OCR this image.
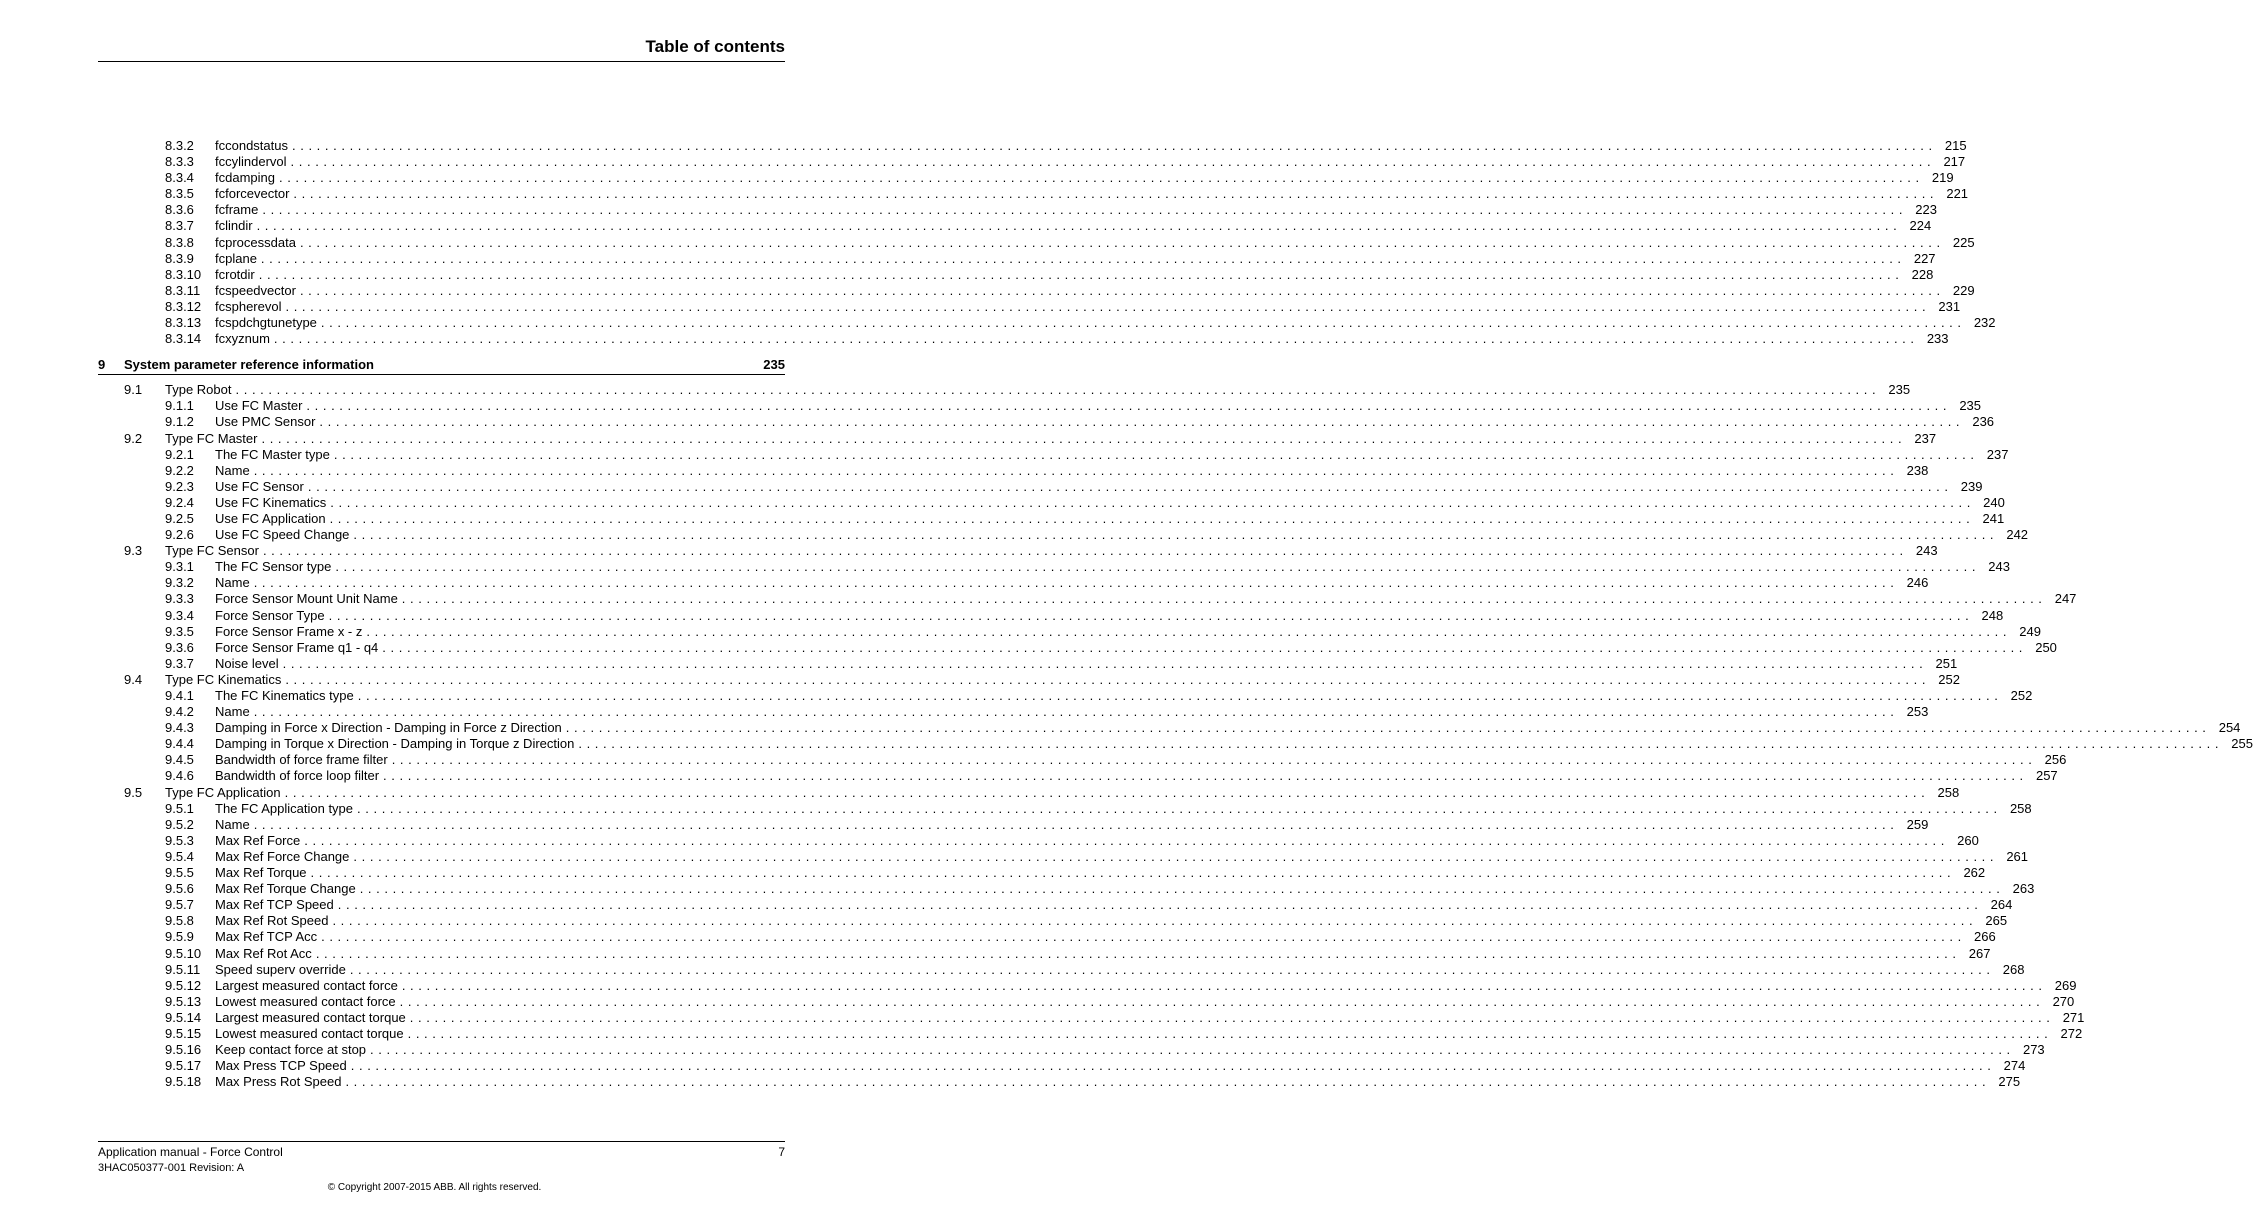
Table of contents
8.3.2 fccondstatus . . . . . . . . . . . . . . . . . . . . . . . . . . . . . . . . . . . . . . . . . . . . . . . . . . . . . . . . . . . . . . . . . . . . . . . . . . . . . . . . . . . . . . . . . . . . . . . . . . . . . . . . . . . . . . . . . . . . . . . . . . . . . . . . . . . . . . . . . . . . . . . . . . . . . . . . . . . . . . . . . . . . . . . . . . . . . . . . . . . . . . . . . . . . . . . . . . . . . . . . 215
8.3.3 fccylindervol . . . . . . . . . . . . . . . . . . . . . . . . . . . . . . . . . . . . . . . . . . . . . . . . . . . . . . . . . . . . . . . . . . . . . . . . . . . . . . . . . . . . . . . . . . . . . . . . . . . . . . . . . . . . . . . . . . . . . . . . . . . . . . . . . . . . . . . . . . . . . . . . . . . . . . . . . . . . . . . . . . . . . . . . . . . . . . . . . . . . . . . . . . . . . . . . . . . . . . . . 217
8.3.4 fcdamping . . . . . . . . . . . . . . . . . . . . . . . . . . . . . . . . . . . . . . . . . . . . . . . . . . . . . . . . . . . . . . . . . . . . . . . . . . . . . . . . . . . . . . . . . . . . . . . . . . . . . . . . . . . . . . . . . . . . . . . . . . . . . . . . . . . . . . . . . . . . . . . . . . . . . . . . . . . . . . . . . . . . . . . . . . . . . . . . . . . . . . . . . . . . . . . . . . . . . . . . 219
8.3.5 fcforcevector . . . . . . . . . . . . . . . . . . . . . . . . . . . . . . . . . . . . . . . . . . . . . . . . . . . . . . . . . . . . . . . . . . . . . . . . . . . . . . . . . . . . . . . . . . . . . . . . . . . . . . . . . . . . . . . . . . . . . . . . . . . . . . . . . . . . . . . . . . . . . . . . . . . . . . . . . . . . . . . . . . . . . . . . . . . . . . . . . . . . . . . . . . . . . . . . . . . . . . . . 221
8.3.6 fcframe . . . . . . . . . . . . . . . . . . . . . . . . . . . . . . . . . . . . . . . . . . . . . . . . . . . . . . . . . . . . . . . . . . . . . . . . . . . . . . . . . . . . . . . . . . . . . . . . . . . . . . . . . . . . . . . . . . . . . . . . . . . . . . . . . . . . . . . . . . . . . . . . . . . . . . . . . . . . . . . . . . . . . . . . . . . . . . . . . . . . . . . . . . . . . . . . . . . . . . . . 223
8.3.7 fclindir . . . . . . . . . . . . . . . . . . . . . . . . . . . . . . . . . . . . . . . . . . . . . . . . . . . . . . . . . . . . . . . . . . . . . . . . . . . . . . . . . . . . . . . . . . . . . . . . . . . . . . . . . . . . . . . . . . . . . . . . . . . . . . . . . . . . . . . . . . . . . . . . . . . . . . . . . . . . . . . . . . . . . . . . . . . . . . . . . . . . . . . . . . . . . . . . . . . . . . . . 224
8.3.8 fcprocessdata . . . . . . . . . . . . . . . . . . . . . . . . . . . . . . . . . . . . . . . . . . . . . . . . . . . . . . . . . . . . . . . . . . . . . . . . . . . . . . . . . . . . . . . . . . . . . . . . . . . . . . . . . . . . . . . . . . . . . . . . . . . . . . . . . . . . . . . . . . . . . . . . . . . . . . . . . . . . . . . . . . . . . . . . . . . . . . . . . . . . . . . . . . . . . . . . . . . . . . . . 225
8.3.9 fcplane . . . . . . . . . . . . . . . . . . . . . . . . . . . . . . . . . . . . . . . . . . . . . . . . . . . . . . . . . . . . . . . . . . . . . . . . . . . . . . . . . . . . . . . . . . . . . . . . . . . . . . . . . . . . . . . . . . . . . . . . . . . . . . . . . . . . . . . . . . . . . . . . . . . . . . . . . . . . . . . . . . . . . . . . . . . . . . . . . . . . . . . . . . . . . . . . . . . . . . . . 227
8.3.10 fcrotdir . . . . . . . . . . . . . . . . . . . . . . . . . . . . . . . . . . . . . . . . . . . . . . . . . . . . . . . . . . . . . . . . . . . . . . . . . . . . . . . . . . . . . . . . . . . . . . . . . . . . . . . . . . . . . . . . . . . . . . . . . . . . . . . . . . . . . . . . . . . . . . . . . . . . . . . . . . . . . . . . . . . . . . . . . . . . . . . . . . . . . . . . . . . . . . . . . . . . . . . . 228
8.3.11 fcspeedvector . . . . . . . . . . . . . . . . . . . . . . . . . . . . . . . . . . . . . . . . . . . . . . . . . . . . . . . . . . . . . . . . . . . . . . . . . . . . . . . . . . . . . . . . . . . . . . . . . . . . . . . . . . . . . . . . . . . . . . . . . . . . . . . . . . . . . . . . . . . . . . . . . . . . . . . . . . . . . . . . . . . . . . . . . . . . . . . . . . . . . . . . . . . . . . . . . . . . . . . . 229
8.3.12 fcspherevol . . . . . . . . . . . . . . . . . . . . . . . . . . . . . . . . . . . . . . . . . . . . . . . . . . . . . . . . . . . . . . . . . . . . . . . . . . . . . . . . . . . . . . . . . . . . . . . . . . . . . . . . . . . . . . . . . . . . . . . . . . . . . . . . . . . . . . . . . . . . . . . . . . . . . . . . . . . . . . . . . . . . . . . . . . . . . . . . . . . . . . . . . . . . . . . . . . . . . . . . 231
8.3.13 fcspdchgtunetype . . . . . . . . . . . . . . . . . . . . . . . . . . . . . . . . . . . . . . . . . . . . . . . . . . . . . . . . . . . . . . . . . . . . . . . . . . . . . . . . . . . . . . . . . . . . . . . . . . . . . . . . . . . . . . . . . . . . . . . . . . . . . . . . . . . . . . . . . . . . . . . . . . . . . . . . . . . . . . . . . . . . . . . . . . . . . . . . . . . . . . . . . . . . . . . . . . . . . . . . 232
8.3.14 fcxyznum . . . . . . . . . . . . . . . . . . . . . . . . . . . . . . . . . . . . . . . . . . . . . . . . . . . . . . . . . . . . . . . . . . . . . . . . . . . . . . . . . . . . . . . . . . . . . . . . . . . . . . . . . . . . . . . . . . . . . . . . . . . . . . . . . . . . . . . . . . . . . . . . . . . . . . . . . . . . . . . . . . . . . . . . . . . . . . . . . . . . . . . . . . . . . . . . . . . . . . . . 233
9 System parameter reference information	235
9.1 Type Robot . . . . . . . . . . . . . . . . . . . . . . . . . . . . . . . . . . . . . . . . . . . . . . . . . . . . . . . . . . . . . . . . . . . . . . . . . . . . . . . . . . . . . . . . . . . . . . . . . . . . . . . . . . . . . . . . . . . . . . . . . . . . . . . . . . . . . . . . . . . . . . . . . . . . . . . . . . . . . . . . . . . . . . . . . . . . . . . . . . . . . . . . . . . . . . . . . . . . . . . . 235
9.1.1 Use FC Master . . . . . . . . . . . . . . . . . . . . . . . . . . . . . . . . . . . . . . . . . . . . . . . . . . . . . . . . . . . . . . . . . . . . . . . . . . . . . . . . . . . . . . . . . . . . . . . . . . . . . . . . . . . . . . . . . . . . . . . . . . . . . . . . . . . . . . . . . . . . . . . . . . . . . . . . . . . . . . . . . . . . . . . . . . . . . . . . . . . . . . . . . . . . . . . . . . . . . . . . 235
9.1.2 Use PMC Sensor . . . . . . . . . . . . . . . . . . . . . . . . . . . . . . . . . . . . . . . . . . . . . . . . . . . . . . . . . . . . . . . . . . . . . . . . . . . . . . . . . . . . . . . . . . . . . . . . . . . . . . . . . . . . . . . . . . . . . . . . . . . . . . . . . . . . . . . . . . . . . . . . . . . . . . . . . . . . . . . . . . . . . . . . . . . . . . . . . . . . . . . . . . . . . . . . . . . . . . . . 236
9.2 Type FC Master . . . . . . . . . . . . . . . . . . . . . . . . . . . . . . . . . . . . . . . . . . . . . . . . . . . . . . . . . . . . . . . . . . . . . . . . . . . . . . . . . . . . . . . . . . . . . . . . . . . . . . . . . . . . . . . . . . . . . . . . . . . . . . . . . . . . . . . . . . . . . . . . . . . . . . . . . . . . . . . . . . . . . . . . . . . . . . . . . . . . . . . . . . . . . . . . . . . . . . . . 237
9.2.1 The FC Master type . . . . . . . . . . . . . . . . . . . . . . . . . . . . . . . . . . . . . . . . . . . . . . . . . . . . . . . . . . . . . . . . . . . . . . . . . . . . . . . . . . . . . . . . . . . . . . . . . . . . . . . . . . . . . . . . . . . . . . . . . . . . . . . . . . . . . . . . . . . . . . . . . . . . . . . . . . . . . . . . . . . . . . . . . . . . . . . . . . . . . . . . . . . . . . . . . . . . . . . . 237
9.2.2 Name . . . . . . . . . . . . . . . . . . . . . . . . . . . . . . . . . . . . . . . . . . . . . . . . . . . . . . . . . . . . . . . . . . . . . . . . . . . . . . . . . . . . . . . . . . . . . . . . . . . . . . . . . . . . . . . . . . . . . . . . . . . . . . . . . . . . . . . . . . . . . . . . . . . . . . . . . . . . . . . . . . . . . . . . . . . . . . . . . . . . . . . . . . . . . . . . . . . . . . . . 238
9.2.3 Use FC Sensor . . . . . . . . . . . . . . . . . . . . . . . . . . . . . . . . . . . . . . . . . . . . . . . . . . . . . . . . . . . . . . . . . . . . . . . . . . . . . . . . . . . . . . . . . . . . . . . . . . . . . . . . . . . . . . . . . . . . . . . . . . . . . . . . . . . . . . . . . . . . . . . . . . . . . . . . . . . . . . . . . . . . . . . . . . . . . . . . . . . . . . . . . . . . . . . . . . . . . . . . 239
9.2.4 Use FC Kinematics . . . . . . . . . . . . . . . . . . . . . . . . . . . . . . . . . . . . . . . . . . . . . . . . . . . . . . . . . . . . . . . . . . . . . . . . . . . . . . . . . . . . . . . . . . . . . . . . . . . . . . . . . . . . . . . . . . . . . . . . . . . . . . . . . . . . . . . . . . . . . . . . . . . . . . . . . . . . . . . . . . . . . . . . . . . . . . . . . . . . . . . . . . . . . . . . . . . . . . . . 240
9.2.5 Use FC Application . . . . . . . . . . . . . . . . . . . . . . . . . . . . . . . . . . . . . . . . . . . . . . . . . . . . . . . . . . . . . . . . . . . . . . . . . . . . . . . . . . . . . . . . . . . . . . . . . . . . . . . . . . . . . . . . . . . . . . . . . . . . . . . . . . . . . . . . . . . . . . . . . . . . . . . . . . . . . . . . . . . . . . . . . . . . . . . . . . . . . . . . . . . . . . . . . . . . . . . . 241
9.2.6 Use FC Speed Change . . . . . . . . . . . . . . . . . . . . . . . . . . . . . . . . . . . . . . . . . . . . . . . . . . . . . . . . . . . . . . . . . . . . . . . . . . . . . . . . . . . . . . . . . . . . . . . . . . . . . . . . . . . . . . . . . . . . . . . . . . . . . . . . . . . . . . . . . . . . . . . . . . . . . . . . . . . . . . . . . . . . . . . . . . . . . . . . . . . . . . . . . . . . . . . . . . . . . . . . 242
9.3 Type FC Sensor . . . . . . . . . . . . . . . . . . . . . . . . . . . . . . . . . . . . . . . . . . . . . . . . . . . . . . . . . . . . . . . . . . . . . . . . . . . . . . . . . . . . . . . . . . . . . . . . . . . . . . . . . . . . . . . . . . . . . . . . . . . . . . . . . . . . . . . . . . . . . . . . . . . . . . . . . . . . . . . . . . . . . . . . . . . . . . . . . . . . . . . . . . . . . . . . . . . . . . . . 243
9.3.1 The FC Sensor type . . . . . . . . . . . . . . . . . . . . . . . . . . . . . . . . . . . . . . . . . . . . . . . . . . . . . . . . . . . . . . . . . . . . . . . . . . . . . . . . . . . . . . . . . . . . . . . . . . . . . . . . . . . . . . . . . . . . . . . . . . . . . . . . . . . . . . . . . . . . . . . . . . . . . . . . . . . . . . . . . . . . . . . . . . . . . . . . . . . . . . . . . . . . . . . . . . . . . . . . 243
9.3.2 Name . . . . . . . . . . . . . . . . . . . . . . . . . . . . . . . . . . . . . . . . . . . . . . . . . . . . . . . . . . . . . . . . . . . . . . . . . . . . . . . . . . . . . . . . . . . . . . . . . . . . . . . . . . . . . . . . . . . . . . . . . . . . . . . . . . . . . . . . . . . . . . . . . . . . . . . . . . . . . . . . . . . . . . . . . . . . . . . . . . . . . . . . . . . . . . . . . . . . . . . . 246
9.3.3 Force Sensor Mount Unit Name . . . . . . . . . . . . . . . . . . . . . . . . . . . . . . . . . . . . . . . . . . . . . . . . . . . . . . . . . . . . . . . . . . . . . . . . . . . . . . . . . . . . . . . . . . . . . . . . . . . . . . . . . . . . . . . . . . . . . . . . . . . . . . . . . . . . . . . . . . . . . . . . . . . . . . . . . . . . . . . . . . . . . . . . . . . . . . . . . . . . . . . . . . . . . . . . . . . . . . . . 247
9.3.4 Force Sensor Type . . . . . . . . . . . . . . . . . . . . . . . . . . . . . . . . . . . . . . . . . . . . . . . . . . . . . . . . . . . . . . . . . . . . . . . . . . . . . . . . . . . . . . . . . . . . . . . . . . . . . . . . . . . . . . . . . . . . . . . . . . . . . . . . . . . . . . . . . . . . . . . . . . . . . . . . . . . . . . . . . . . . . . . . . . . . . . . . . . . . . . . . . . . . . . . . . . . . . . . . 248
9.3.5 Force Sensor Frame x - z . . . . . . . . . . . . . . . . . . . . . . . . . . . . . . . . . . . . . . . . . . . . . . . . . . . . . . . . . . . . . . . . . . . . . . . . . . . . . . . . . . . . . . . . . . . . . . . . . . . . . . . . . . . . . . . . . . . . . . . . . . . . . . . . . . . . . . . . . . . . . . . . . . . . . . . . . . . . . . . . . . . . . . . . . . . . . . . . . . . . . . . . . . . . . . . . . . . . . . . . 249
9.3.6 Force Sensor Frame q1 - q4 . . . . . . . . . . . . . . . . . . . . . . . . . . . . . . . . . . . . . . . . . . . . . . . . . . . . . . . . . . . . . . . . . . . . . . . . . . . . . . . . . . . . . . . . . . . . . . . . . . . . . . . . . . . . . . . . . . . . . . . . . . . . . . . . . . . . . . . . . . . . . . . . . . . . . . . . . . . . . . . . . . . . . . . . . . . . . . . . . . . . . . . . . . . . . . . . . . . . . . . . 250
9.3.7 Noise level . . . . . . . . . . . . . . . . . . . . . . . . . . . . . . . . . . . . . . . . . . . . . . . . . . . . . . . . . . . . . . . . . . . . . . . . . . . . . . . . . . . . . . . . . . . . . . . . . . . . . . . . . . . . . . . . . . . . . . . . . . . . . . . . . . . . . . . . . . . . . . . . . . . . . . . . . . . . . . . . . . . . . . . . . . . . . . . . . . . . . . . . . . . . . . . . . . . . . . . . 251
9.4 Type FC Kinematics . . . . . . . . . . . . . . . . . . . . . . . . . . . . . . . . . . . . . . . . . . . . . . . . . . . . . . . . . . . . . . . . . . . . . . . . . . . . . . . . . . . . . . . . . . . . . . . . . . . . . . . . . . . . . . . . . . . . . . . . . . . . . . . . . . . . . . . . . . . . . . . . . . . . . . . . . . . . . . . . . . . . . . . . . . . . . . . . . . . . . . . . . . . . . . . . . . . . . . . . 252
9.4.1 The FC Kinematics type . . . . . . . . . . . . . . . . . . . . . . . . . . . . . . . . . . . . . . . . . . . . . . . . . . . . . . . . . . . . . . . . . . . . . . . . . . . . . . . . . . . . . . . . . . . . . . . . . . . . . . . . . . . . . . . . . . . . . . . . . . . . . . . . . . . . . . . . . . . . . . . . . . . . . . . . . . . . . . . . . . . . . . . . . . . . . . . . . . . . . . . . . . . . . . . . . . . . . . . . 252
9.4.2 Name . . . . . . . . . . . . . . . . . . . . . . . . . . . . . . . . . . . . . . . . . . . . . . . . . . . . . . . . . . . . . . . . . . . . . . . . . . . . . . . . . . . . . . . . . . . . . . . . . . . . . . . . . . . . . . . . . . . . . . . . . . . . . . . . . . . . . . . . . . . . . . . . . . . . . . . . . . . . . . . . . . . . . . . . . . . . . . . . . . . . . . . . . . . . . . . . . . . . . . . . 253
9.4.3 Damping in Force x Direction - Damping in Force z Direction . . . . . . . . . . . . . . . . . . . . . . . . . . . . . . . . . . . . . . . . . . . . . . . . . . . . . . . . . . . . . . . . . . . . . . . . . . . . . . . . . . . . . . . . . . . . . . . . . . . . . . . . . . . . . . . . . . . . . . . . . . . . . . . . . . . . . . . . . . . . . . . . . . . . . . . . . . . . . . . . . . . . . . . . . . . . . . . . . . . . . . . . . . . . . . . . . . . . . . . . 254
9.4.4 Damping in Torque x Direction - Damping in Torque z Direction . . . . . . . . . . . . . . . . . . . . . . . . . . . . . . . . . . . . . . . . . . . . . . . . . . . . . . . . . . . . . . . . . . . . . . . . . . . . . . . . . . . . . . . . . . . . . . . . . . . . . . . . . . . . . . . . . . . . . . . . . . . . . . . . . . . . . . . . . . . . . . . . . . . . . . . . . . . . . . . . . . . . . . . . . . . . . . . . . . . . . . . . . . . . . . . . . . . . . . . . 255
9.4.5 Bandwidth of force frame filter . . . . . . . . . . . . . . . . . . . . . . . . . . . . . . . . . . . . . . . . . . . . . . . . . . . . . . . . . . . . . . . . . . . . . . . . . . . . . . . . . . . . . . . . . . . . . . . . . . . . . . . . . . . . . . . . . . . . . . . . . . . . . . . . . . . . . . . . . . . . . . . . . . . . . . . . . . . . . . . . . . . . . . . . . . . . . . . . . . . . . . . . . . . . . . . . . . . . . . . . 256
9.4.6 Bandwidth of force loop filter . . . . . . . . . . . . . . . . . . . . . . . . . . . . . . . . . . . . . . . . . . . . . . . . . . . . . . . . . . . . . . . . . . . . . . . . . . . . . . . . . . . . . . . . . . . . . . . . . . . . . . . . . . . . . . . . . . . . . . . . . . . . . . . . . . . . . . . . . . . . . . . . . . . . . . . . . . . . . . . . . . . . . . . . . . . . . . . . . . . . . . . . . . . . . . . . . . . . . . . . 257
9.5 Type FC Application . . . . . . . . . . . . . . . . . . . . . . . . . . . . . . . . . . . . . . . . . . . . . . . . . . . . . . . . . . . . . . . . . . . . . . . . . . . . . . . . . . . . . . . . . . . . . . . . . . . . . . . . . . . . . . . . . . . . . . . . . . . . . . . . . . . . . . . . . . . . . . . . . . . . . . . . . . . . . . . . . . . . . . . . . . . . . . . . . . . . . . . . . . . . . . . . . . . . . . . . 258
9.5.1 The FC Application type . . . . . . . . . . . . . . . . . . . . . . . . . . . . . . . . . . . . . . . . . . . . . . . . . . . . . . . . . . . . . . . . . . . . . . . . . . . . . . . . . . . . . . . . . . . . . . . . . . . . . . . . . . . . . . . . . . . . . . . . . . . . . . . . . . . . . . . . . . . . . . . . . . . . . . . . . . . . . . . . . . . . . . . . . . . . . . . . . . . . . . . . . . . . . . . . . . . . . . . . 258
9.5.2 Name . . . . . . . . . . . . . . . . . . . . . . . . . . . . . . . . . . . . . . . . . . . . . . . . . . . . . . . . . . . . . . . . . . . . . . . . . . . . . . . . . . . . . . . . . . . . . . . . . . . . . . . . . . . . . . . . . . . . . . . . . . . . . . . . . . . . . . . . . . . . . . . . . . . . . . . . . . . . . . . . . . . . . . . . . . . . . . . . . . . . . . . . . . . . . . . . . . . . . . . . 259
9.5.3 Max Ref Force . . . . . . . . . . . . . . . . . . . . . . . . . . . . . . . . . . . . . . . . . . . . . . . . . . . . . . . . . . . . . . . . . . . . . . . . . . . . . . . . . . . . . . . . . . . . . . . . . . . . . . . . . . . . . . . . . . . . . . . . . . . . . . . . . . . . . . . . . . . . . . . . . . . . . . . . . . . . . . . . . . . . . . . . . . . . . . . . . . . . . . . . . . . . . . . . . . . . . . . . 260
9.5.4 Max Ref Force Change . . . . . . . . . . . . . . . . . . . . . . . . . . . . . . . . . . . . . . . . . . . . . . . . . . . . . . . . . . . . . . . . . . . . . . . . . . . . . . . . . . . . . . . . . . . . . . . . . . . . . . . . . . . . . . . . . . . . . . . . . . . . . . . . . . . . . . . . . . . . . . . . . . . . . . . . . . . . . . . . . . . . . . . . . . . . . . . . . . . . . . . . . . . . . . . . . . . . . . . . 261
9.5.5 Max Ref Torque . . . . . . . . . . . . . . . . . . . . . . . . . . . . . . . . . . . . . . . . . . . . . . . . . . . . . . . . . . . . . . . . . . . . . . . . . . . . . . . . . . . . . . . . . . . . . . . . . . . . . . . . . . . . . . . . . . . . . . . . . . . . . . . . . . . . . . . . . . . . . . . . . . . . . . . . . . . . . . . . . . . . . . . . . . . . . . . . . . . . . . . . . . . . . . . . . . . . . . . . 262
9.5.6 Max Ref Torque Change . . . . . . . . . . . . . . . . . . . . . . . . . . . . . . . . . . . . . . . . . . . . . . . . . . . . . . . . . . . . . . . . . . . . . . . . . . . . . . . . . . . . . . . . . . . . . . . . . . . . . . . . . . . . . . . . . . . . . . . . . . . . . . . . . . . . . . . . . . . . . . . . . . . . . . . . . . . . . . . . . . . . . . . . . . . . . . . . . . . . . . . . . . . . . . . . . . . . . . . . 263
9.5.7 Max Ref TCP Speed . . . . . . . . . . . . . . . . . . . . . . . . . . . . . . . . . . . . . . . . . . . . . . . . . . . . . . . . . . . . . . . . . . . . . . . . . . . . . . . . . . . . . . . . . . . . . . . . . . . . . . . . . . . . . . . . . . . . . . . . . . . . . . . . . . . . . . . . . . . . . . . . . . . . . . . . . . . . . . . . . . . . . . . . . . . . . . . . . . . . . . . . . . . . . . . . . . . . . . . . 264
9.5.8 Max Ref Rot Speed . . . . . . . . . . . . . . . . . . . . . . . . . . . . . . . . . . . . . . . . . . . . . . . . . . . . . . . . . . . . . . . . . . . . . . . . . . . . . . . . . . . . . . . . . . . . . . . . . . . . . . . . . . . . . . . . . . . . . . . . . . . . . . . . . . . . . . . . . . . . . . . . . . . . . . . . . . . . . . . . . . . . . . . . . . . . . . . . . . . . . . . . . . . . . . . . . . . . . . . . 265
9.5.9 Max Ref TCP Acc . . . . . . . . . . . . . . . . . . . . . . . . . . . . . . . . . . . . . . . . . . . . . . . . . . . . . . . . . . . . . . . . . . . . . . . . . . . . . . . . . . . . . . . . . . . . . . . . . . . . . . . . . . . . . . . . . . . . . . . . . . . . . . . . . . . . . . . . . . . . . . . . . . . . . . . . . . . . . . . . . . . . . . . . . . . . . . . . . . . . . . . . . . . . . . . . . . . . . . . . 266
9.5.10 Max Ref Rot Acc . . . . . . . . . . . . . . . . . . . . . . . . . . . . . . . . . . . . . . . . . . . . . . . . . . . . . . . . . . . . . . . . . . . . . . . . . . . . . . . . . . . . . . . . . . . . . . . . . . . . . . . . . . . . . . . . . . . . . . . . . . . . . . . . . . . . . . . . . . . . . . . . . . . . . . . . . . . . . . . . . . . . . . . . . . . . . . . . . . . . . . . . . . . . . . . . . . . . . . . . 267
9.5.11 Speed superv override . . . . . . . . . . . . . . . . . . . . . . . . . . . . . . . . . . . . . . . . . . . . . . . . . . . . . . . . . . . . . . . . . . . . . . . . . . . . . . . . . . . . . . . . . . . . . . . . . . . . . . . . . . . . . . . . . . . . . . . . . . . . . . . . . . . . . . . . . . . . . . . . . . . . . . . . . . . . . . . . . . . . . . . . . . . . . . . . . . . . . . . . . . . . . . . . . . . . . . . . 268
9.5.12 Largest measured contact force . . . . . . . . . . . . . . . . . . . . . . . . . . . . . . . . . . . . . . . . . . . . . . . . . . . . . . . . . . . . . . . . . . . . . . . . . . . . . . . . . . . . . . . . . . . . . . . . . . . . . . . . . . . . . . . . . . . . . . . . . . . . . . . . . . . . . . . . . . . . . . . . . . . . . . . . . . . . . . . . . . . . . . . . . . . . . . . . . . . . . . . . . . . . . . . . . . . . . . . . 269
9.5.13 Lowest measured contact force . . . . . . . . . . . . . . . . . . . . . . . . . . . . . . . . . . . . . . . . . . . . . . . . . . . . . . . . . . . . . . . . . . . . . . . . . . . . . . . . . . . . . . . . . . . . . . . . . . . . . . . . . . . . . . . . . . . . . . . . . . . . . . . . . . . . . . . . . . . . . . . . . . . . . . . . . . . . . . . . . . . . . . . . . . . . . . . . . . . . . . . . . . . . . . . . . . . . . . . . 270
9.5.14 Largest measured contact torque . . . . . . . . . . . . . . . . . . . . . . . . . . . . . . . . . . . . . . . . . . . . . . . . . . . . . . . . . . . . . . . . . . . . . . . . . . . . . . . . . . . . . . . . . . . . . . . . . . . . . . . . . . . . . . . . . . . . . . . . . . . . . . . . . . . . . . . . . . . . . . . . . . . . . . . . . . . . . . . . . . . . . . . . . . . . . . . . . . . . . . . . . . . . . . . . . . . . . . . . 271
9.5.15 Lowest measured contact torque . . . . . . . . . . . . . . . . . . . . . . . . . . . . . . . . . . . . . . . . . . . . . . . . . . . . . . . . . . . . . . . . . . . . . . . . . . . . . . . . . . . . . . . . . . . . . . . . . . . . . . . . . . . . . . . . . . . . . . . . . . . . . . . . . . . . . . . . . . . . . . . . . . . . . . . . . . . . . . . . . . . . . . . . . . . . . . . . . . . . . . . . . . . . . . . . . . . . . . . . 272
9.5.16 Keep contact force at stop . . . . . . . . . . . . . . . . . . . . . . . . . . . . . . . . . . . . . . . . . . . . . . . . . . . . . . . . . . . . . . . . . . . . . . . . . . . . . . . . . . . . . . . . . . . . . . . . . . . . . . . . . . . . . . . . . . . . . . . . . . . . . . . . . . . . . . . . . . . . . . . . . . . . . . . . . . . . . . . . . . . . . . . . . . . . . . . . . . . . . . . . . . . . . . . . . . . . . . . . 273
9.5.17 Max Press TCP Speed . . . . . . . . . . . . . . . . . . . . . . . . . . . . . . . . . . . . . . . . . . . . . . . . . . . . . . . . . . . . . . . . . . . . . . . . . . . . . . . . . . . . . . . . . . . . . . . . . . . . . . . . . . . . . . . . . . . . . . . . . . . . . . . . . . . . . . . . . . . . . . . . . . . . . . . . . . . . . . . . . . . . . . . . . . . . . . . . . . . . . . . . . . . . . . . . . . . . . . . . 274
9.5.18 Max Press Rot Speed . . . . . . . . . . . . . . . . . . . . . . . . . . . . . . . . . . . . . . . . . . . . . . . . . . . . . . . . . . . . . . . . . . . . . . . . . . . . . . . . . . . . . . . . . . . . . . . . . . . . . . . . . . . . . . . . . . . . . . . . . . . . . . . . . . . . . . . . . . . . . . . . . . . . . . . . . . . . . . . . . . . . . . . . . . . . . . . . . . . . . . . . . . . . . . . . . . . . . . . . 275
Application manual - Force Control
3HAC050377-001 Revision: A
7
© Copyright 2007-2015 ABB. All rights reserved.
